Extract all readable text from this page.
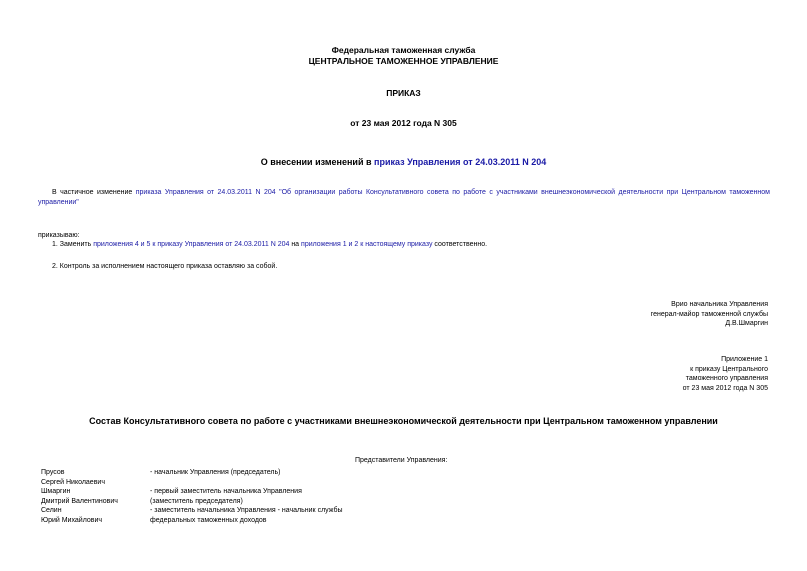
Федеральная таможенная служба
ЦЕНТРАЛЬНОЕ ТАМОЖЕННОЕ УПРАВЛЕНИЕ
ПРИКАЗ
от 23 мая 2012 года N 305
О внесении изменений в приказ Управления от 24.03.2011 N 204
В частичное изменение приказа Управления от 24.03.2011 N 204 "Об организации работы Консультативного совета по работе с участниками внешнеэкономической деятельности при Центральном таможенном управлении"
приказываю:
1. Заменить приложения 4 и 5 к приказу Управления от 24.03.2011 N 204 на приложения 1 и 2 к настоящему приказу соответственно.
2. Контроль за исполнением настоящего приказа оставляю за собой.
Врио начальника Управления
генерал-майор таможенной службы
Д.В.Шмаргин
Приложение 1
к приказу Центрального
таможенного управления
от 23 мая 2012 года N 305
Состав Консультативного совета по работе с участниками внешнеэкономической деятельности при Центральном таможенном управлении
Представители Управления:
Прусов
Сергей Николаевич
- начальник Управления (председатель)
Шмаргин
Дмитрий Валентинович
- первый заместитель начальника Управления
(заместитель председателя)
Селин
Юрий Михайлович
- заместитель начальника Управления - начальник службы
федеральных таможенных доходов
